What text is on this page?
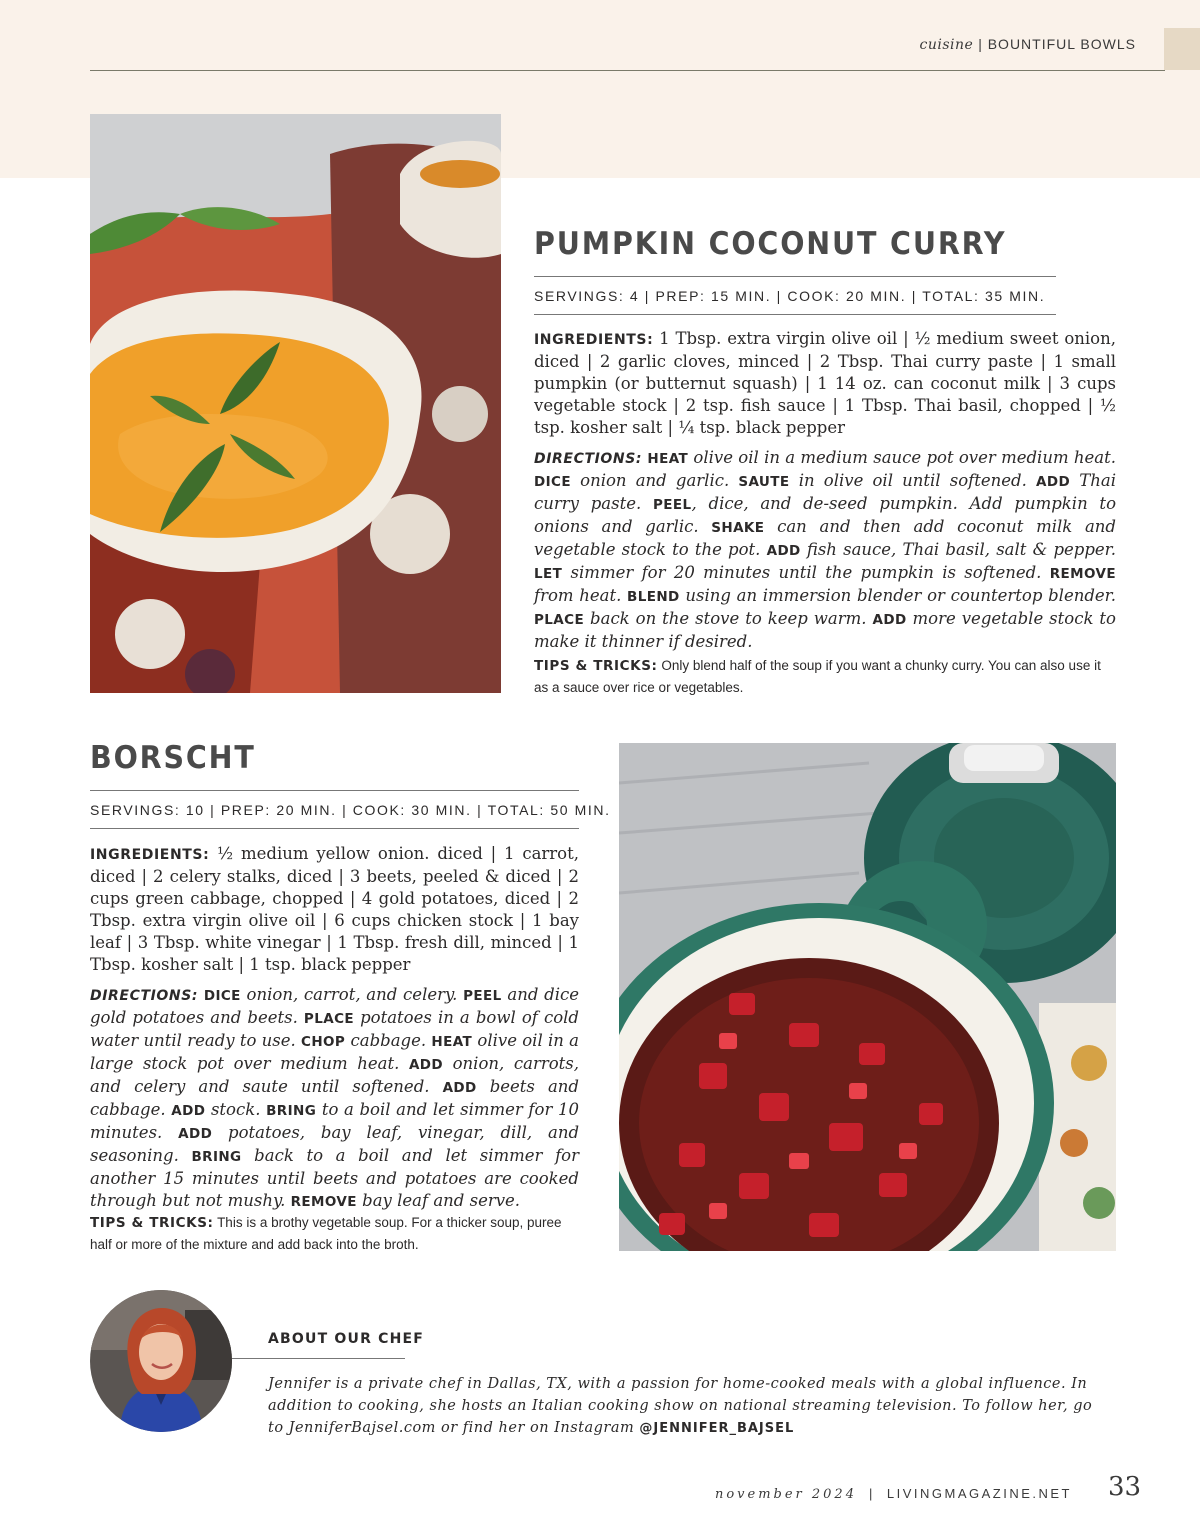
cuisine | BOUNTIFUL BOWLS
PUMPKIN COCONUT CURRY
SERVINGS: 4 | PREP: 15 MIN. | COOK: 20 MIN. | TOTAL: 35 MIN.

INGREDIENTS: 1 Tbsp. extra virgin olive oil | ½ medium sweet onion, diced | 2 garlic cloves, minced | 2 Tbsp. Thai curry paste | 1 small pumpkin (or butternut squash) | 1 14 oz. can coconut milk | 3 cups vegetable stock | 2 tsp. fish sauce | 1 Tbsp. Thai basil, chopped | ½ tsp. kosher salt | ¼ tsp. black pepper

DIRECTIONS: HEAT olive oil in a medium sauce pot over medium heat. DICE onion and garlic. SAUTE in olive oil until softened. ADD Thai curry paste. PEEL, dice, and de-seed pumpkin. Add pumpkin to onions and garlic. SHAKE can and then add coconut milk and vegetable stock to the pot. ADD fish sauce, Thai basil, salt & pepper. LET simmer for 20 minutes until the pumpkin is softened. REMOVE from heat. BLEND using an immersion blender or countertop blender. PLACE back on the stove to keep warm. ADD more vegetable stock to make it thinner if desired.

TIPS & TRICKS: Only blend half of the soup if you want a chunky curry. You can also use it as a sauce over rice or vegetables.

BORSCHT
SERVINGS: 10 | PREP: 20 MIN. | COOK: 30 MIN. | TOTAL: 50 MIN.

INGREDIENTS: ½ medium yellow onion. diced | 1 carrot, diced | 2 celery stalks, diced | 3 beets, peeled & diced | 2 cups green cabbage, chopped | 4 gold potatoes, diced | 2 Tbsp. extra virgin olive oil | 6 cups chicken stock | 1 bay leaf | 3 Tbsp. white vinegar | 1 Tbsp. fresh dill, minced | 1 Tbsp. kosher salt | 1 tsp. black pepper

DIRECTIONS: DICE onion, carrot, and celery. PEEL and dice gold potatoes and beets. PLACE potatoes in a bowl of cold water until ready to use. CHOP cabbage. HEAT olive oil in a large stock pot over medium heat. ADD onion, carrots, and celery and saute until softened. ADD beets and cabbage. ADD stock. BRING to a boil and let simmer for 10 minutes. ADD potatoes, bay leaf, vinegar, dill, and seasoning. BRING back to a boil and let simmer for another 15 minutes until beets and potatoes are cooked through but not mushy. REMOVE bay leaf and serve.

TIPS & TRICKS: This is a brothy vegetable soup. For a thicker soup, puree half or more of the mixture and add back into the broth.

ABOUT OUR CHEF

Jennifer is a private chef in Dallas, TX, with a passion for home-cooked meals with a global influence. In addition to cooking, she hosts an Italian cooking show on national streaming television. To follow her, go to JenniferBajsel.com or find her on Instagram @JENNIFER_BAJSEL

november 2024 | LIVINGMAGAZINE.NET 33
